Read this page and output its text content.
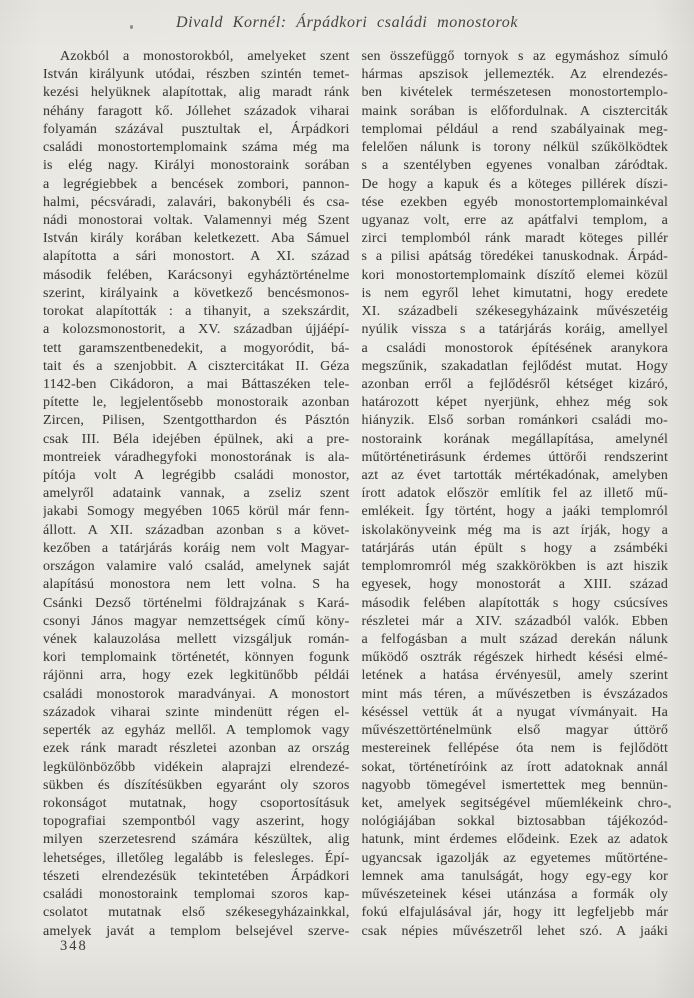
Divald Kornél: Árpádkori családi monostorok
Azokból a monostorokból, amelyeket szent
István királyunk utódai, részben szintén temet-
kezési helyüknek alapítottak, alig maradt ránk
néhány faragott kő. Jóllehet századok viharai
folyamán százával pusztultak el, Árpádkori
családi monostortemplomaink száma még ma
is elég nagy. Királyi monostoraink sorában
a legrégiebbek a bencések zombori, pannon-
halmi, pécsváradi, zalavári, bakonybéli és csa-
nádi monostorai voltak. Valamennyi még Szent
István király korában keletkezett. Aba Sámuel
alapította a sári monostort. A XI. század
második felében, Karácsonyi egyháztörténelme
szerint, királyaink a következő bencésmonos-
torokat alapították : a tihanyit, a szekszárdit,
a kolozsmonostorit, a XV. században újjáépí-
tett garamszentbenedekit, a mogyoródit, bá-
tait és a szenjobbit. A cisztercitákat II. Géza
1142-ben Cikádoron, a mai Báttaszéken tele-
pítette le, legjelentősebb monostoraik azonban
Zircen, Pilisen, Szentgotthardon és Pásztón
csak III. Béla idejében épülnek, aki a pre-
montreiek váradhegyfoki monostorának is ala-
pítója volt A legrégibb családi monostor,
amelyről adataink vannak, a zseliz szent
jakabi Somogy megyében 1065 körül már fenn-
állott. A XII. században azonban s a követ-
kezőben a tatárjárás koráig nem volt Magyar-
országon valamire való család, amelynek saját
alapítású monostora nem lett volna. S ha
Csánki Dezső történelmi földrajzának s Kará-
csonyi János magyar nemzettségek című köny-
vének kalauzolása mellett vizsgáljuk román-
kori templomaink történetét, könnyen fogunk
rájönni arra, hogy ezek legkitünőbb példái
családi monostorok maradványai. A monostort
századok viharai szinte mindenütt régen el-
seperték az egyház mellől. A templomok vagy
ezek ránk maradt részletei azonban az ország
legkülönbözőbb vidékein alaprajzi elrendezé-
sükben és díszítésükben egyaránt oly szoros
rokonságot mutatnak, hogy csoportosításuk
topografiai szempontból vagy aszerint, hogy
milyen szerzetesrend számára készültek, alig
lehetséges, illetőleg legalább is felesleges. Épí-
tészeti elrendezésük tekintetében Árpádkori
családi monostoraink templomai szoros kap-
csolatot mutatnak első székesegyházainkkal,
amelyek javát a templom belsejével szerve-
sen összefüggő tornyok s az egymáshoz símuló
hármas apszisok jellemezték. Az elrendezés-
ben kivételek természetesen monostortemplo-
maink sorában is előfordulnak. A ciszterciták
templomai például a rend szabályainak meg-
felelően nálunk is torony nélkül szűkölködtek
s a szentélyben egyenes vonalban záródtak.
De hogy a kapuk és a köteges pillérek díszi-
tése ezekben egyéb monostortemplomainkéval
ugyanaz volt, erre az apátfalvi templom, a
zirci templomból ránk maradt köteges pillér
s a pilisi apátság töredékei tanuskodnak. Árpád-
kori monostortemplomaink díszítő elemei közül
is nem egyről lehet kimutatni, hogy eredete
XI. századbeli székesegyházaink művészetéig
nyúlik vissza s a tatárjárás koráig, amellyel
a családi monostorok építésének aranykora
megszűnik, szakadatlan fejlődést mutat. Hogy
azonban erről a fejlődésről kétséget kizáró,
határozott képet nyerjünk, ehhez még sok
hiányzik. Első sorban románkori családi mo-
nostoraink korának megállapítása, amelynél
műtörténetirásunk érdemes úttörői rendszerint
azt az évet tartották mértékadónak, amelyben
írott adatok először említik fel az illető mű-
emlékeit. Így történt, hogy a jaáki templomról
iskolakönyveink még ma is azt írják, hogy a
tatárjárás után épült s hogy a zsámbéki
templomromról még szakkörökben is azt hiszik
egyesek, hogy monostorát a XIII. század
második felében alapították s hogy csúcsíves
részletei már a XIV. századból valók. Ebben
a felfogásban a mult század derekán nálunk
működő osztrák régészek hirhedt késési elmé-
letének a hatása érvényesül, amely szerint
mint más téren, a művészetben is évszázados
késéssel vettük át a nyugat vívmányait. Ha
művészettörténelmünk első magyar úttörő
mestereinek fellépése óta nem is fejlődött
sokat, történetíróink az írott adatoknak annál
nagyobb tömegével ismertettek meg bennün-
ket, amelyek segitségével műemlékeink chro-
nológiájában sokkal biztosabban tájékozód-
hatunk, mint érdemes elődeink. Ezek az adatok
ugyancsak igazolják az egyetemes műtörténe-
lemnek ama tanulságát, hogy egy-egy kor
művészeteinek kései utánzása a formák oly
fokú elfajulásával jár, hogy itt legfeljebb már
csak népies művészetről lehet szó. A jaáki
348
